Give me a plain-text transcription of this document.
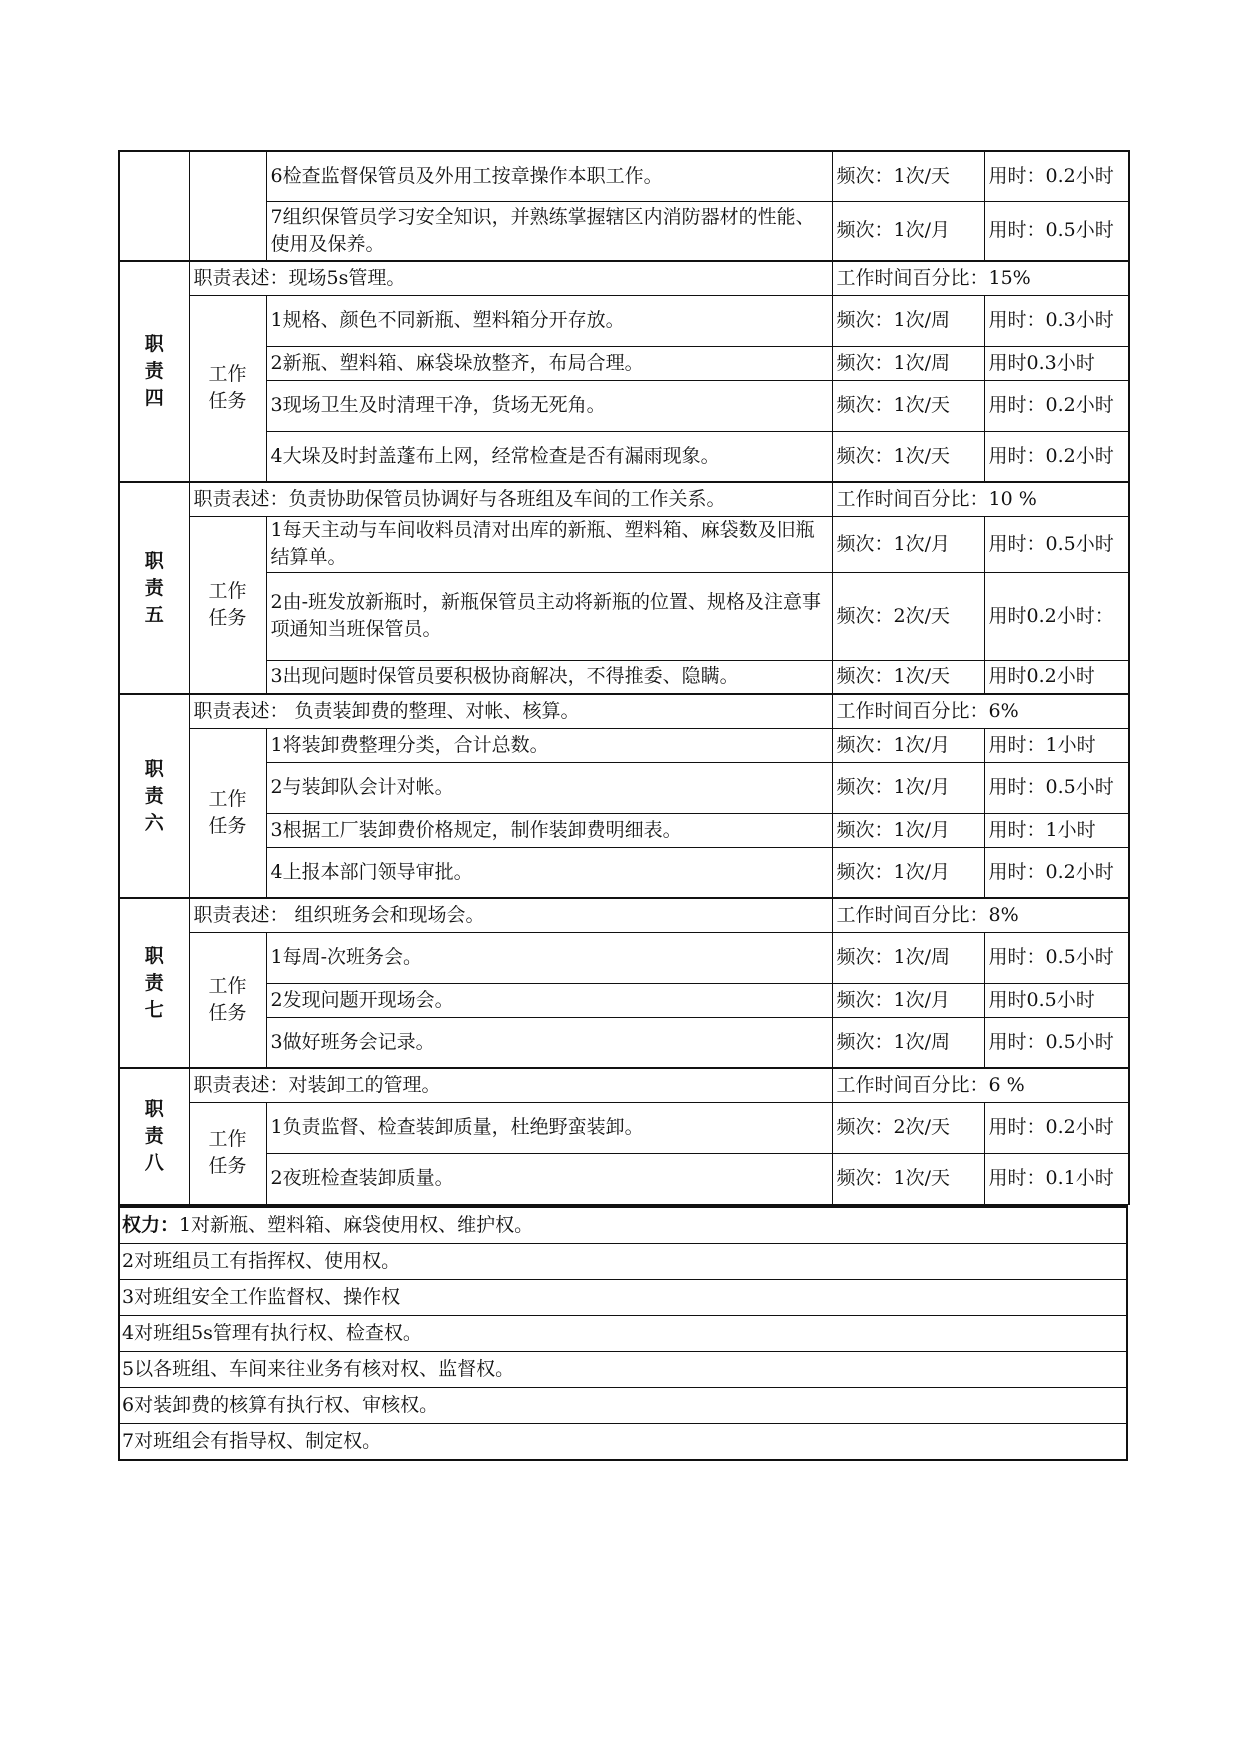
		6检查监督保管员及外用工按章操作本职工作。	频次：1次/天	用时：0.2小时
		7组织保管员学习安全知识，并熟练掌握辖区内消防器材的性能、使用及保养。	频次：1次/月	用时：0.5小时
职责四	职责表述：现场5s管理。		工作时间百分比：15%	
	工作任务	1规格、颜色不同新瓶、塑料箱分开存放。	频次：1次/周	用时：0.3小时
		2新瓶、塑料箱、麻袋垛放整齐，布局合理。	频次：1次/周	用时0.3小时
		3现场卫生及时清理干净，货场无死角。	频次：1次/天	用时：0.2小时
		4大垛及时封盖蓬布上网，经常检查是否有漏雨现象。	频次：1次/天	用时：0.2小时
职责五	职责表述：负责协助保管员协调好与各班组及车间的工作关系。		工作时间百分比：10 %	
	工作任务	1每天主动与车间收料员清对出库的新瓶、塑料箱、麻袋数及旧瓶结算单。	频次：1次/月	用时：0.5小时
		2由-班发放新瓶时，新瓶保管员主动将新瓶的位置、规格及注意事项通知当班保管员。	频次：2次/天	用时0.2小时：
		3出现问题时保管员要积极协商解决，不得推委、隐瞒。	频次：1次/天	用时0.2小时
职责六	职责表述： 负责装卸费的整理、对帐、核算。		工作时间百分比：6%	
	工作任务	1将装卸费整理分类，合计总数。	频次：1次/月	用时：1小时
		2与装卸队会计对帐。	频次：1次/月	用时：0.5小时
		3根据工厂装卸费价格规定，制作装卸费明细表。	频次：1次/月	用时：1小时
		4上报本部门领导审批。	频次：1次/月	用时：0.2小时
职责七	职责表述： 组织班务会和现场会。		工作时间百分比：8%	
	工作任务	1每周-次班务会。	频次：1次/周	用时：0.5小时
		2发现问题开现场会。	频次：1次/月	用时0.5小时
		3做好班务会记录。	频次：1次/周	用时：0.5小时
职责八	职责表述：对装卸工的管理。		工作时间百分比：6 %	
	工作任务	1负责监督、检查装卸质量，杜绝野蛮装卸。	频次：2次/天	用时：0.2小时
		2夜班检查装卸质量。	频次：1次/天	用时：0.1小时
权力：1对新瓶、塑料箱、麻袋使用权、维护权。
2对班组员工有指挥权、使用权。
3对班组安全工作监督权、操作权
4对班组5s管理有执行权、检查权。
5以各班组、车间来往业务有核对权、监督权。
6对装卸费的核算有执行权、审核权。
7对班组会有指导权、制定权。
